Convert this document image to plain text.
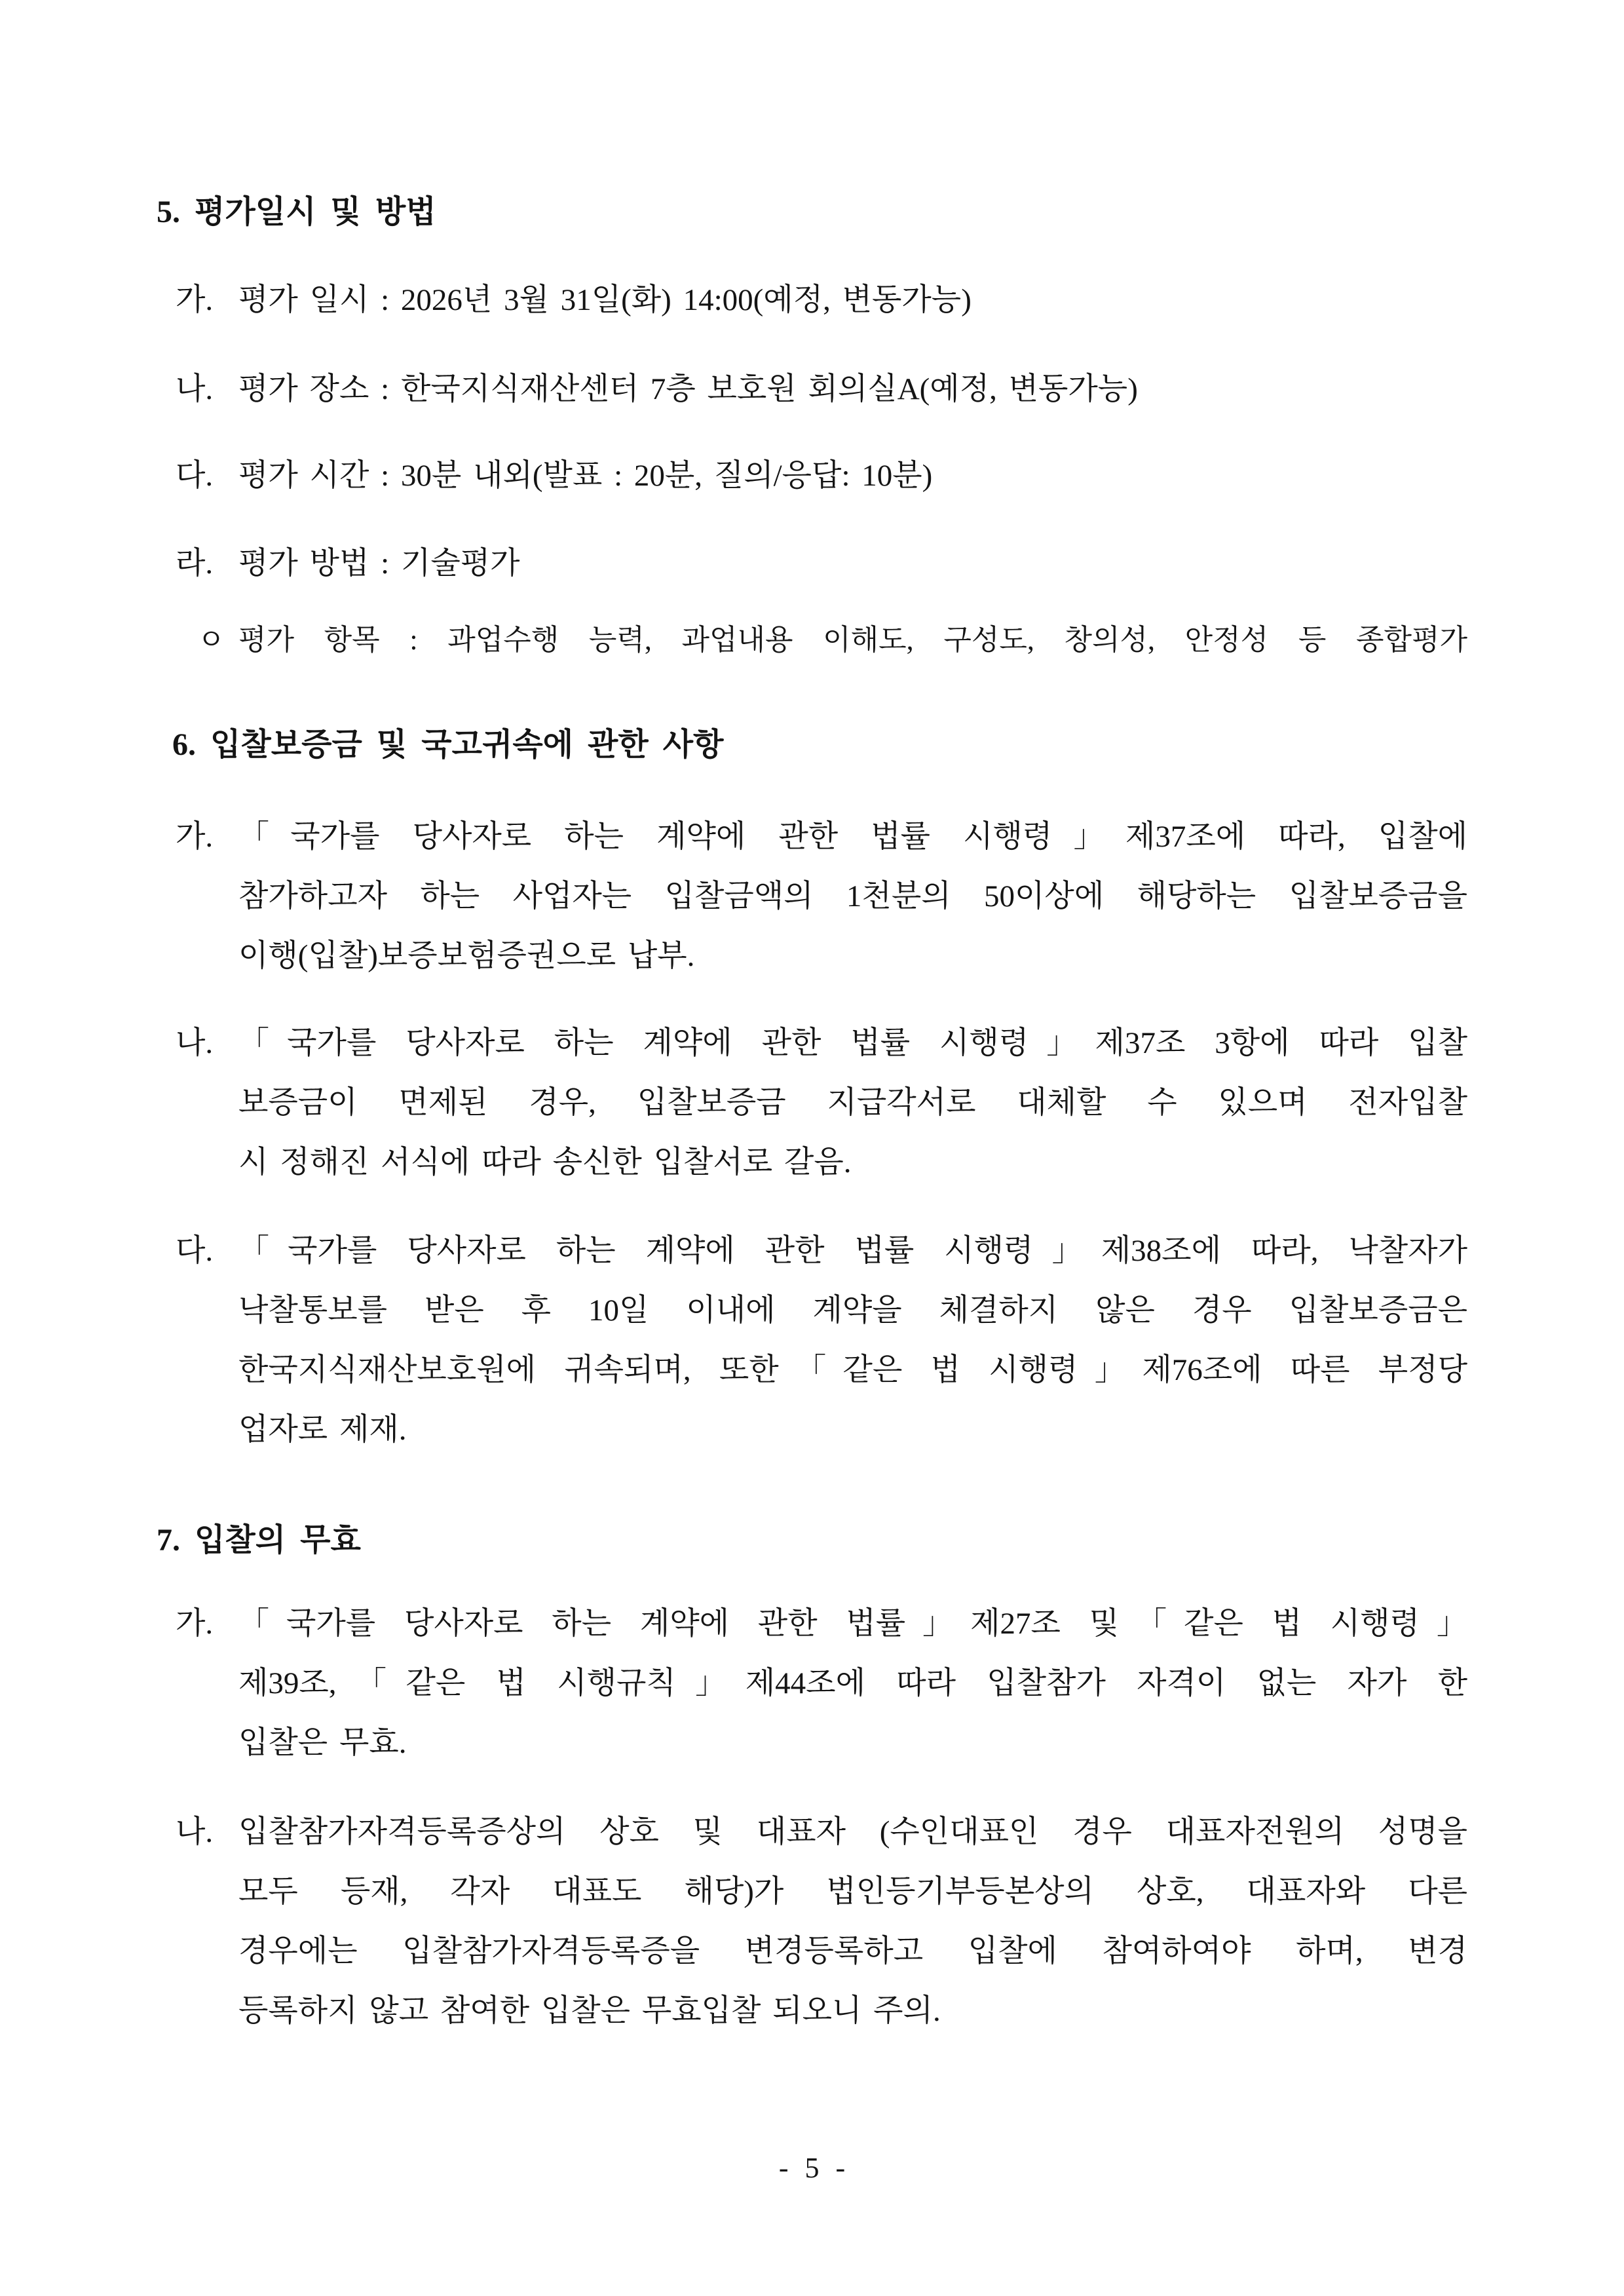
5. 평가일시 및 방법
가. 평가 일시 : 2026년 3월 31일(화) 14:00(예정, 변동가능)
나. 평가 장소 : 한국지식재산센터 7층 보호원 회의실A(예정, 변동가능)
다. 평가 시간 : 30분 내외(발표 : 20분, 질의/응답: 10분)
라. 평가 방법 : 기술평가
ㅇ 평가 항목 : 과업수행 능력, 과업내용 이해도, 구성도, 창의성, 안정성 등 종합평가
6. 입찰보증금 및 국고귀속에 관한 사항
가. 「국가를 당사자로 하는 계약에 관한 법률 시행령」제37조에 따라, 입찰에
참가하고자 하는 사업자는 입찰금액의 1천분의 50이상에 해당하는 입찰보증금을
이행(입찰)보증보험증권으로 납부.
나. 「국가를 당사자로 하는 계약에 관한 법률 시행령」제37조 3항에 따라 입찰
보증금이 면제된 경우, 입찰보증금 지급각서로 대체할 수 있으며 전자입찰
시 정해진 서식에 따라 송신한 입찰서로 갈음.
다. 「국가를 당사자로 하는 계약에 관한 법률 시행령」제38조에 따라, 낙찰자가
낙찰통보를 받은 후 10일 이내에 계약을 체결하지 않은 경우 입찰보증금은
한국지식재산보호원에 귀속되며, 또한「같은 법 시행령」제76조에 따른 부정당
업자로 제재.
7. 입찰의 무효
가. 「국가를 당사자로 하는 계약에 관한 법률」제27조 및「같은 법 시행령」
제39조,「같은 법 시행규칙」제44조에 따라 입찰참가 자격이 없는 자가 한
입찰은 무효.
나. 입찰참가자격등록증상의 상호 및 대표자 (수인대표인 경우 대표자전원의 성명을
모두 등재, 각자 대표도 해당)가 법인등기부등본상의 상호, 대표자와 다른
경우에는 입찰참가자격등록증을 변경등록하고 입찰에 참여하여야 하며, 변경
등록하지 않고 참여한 입찰은 무효입찰 되오니 주의.
- 5 -
